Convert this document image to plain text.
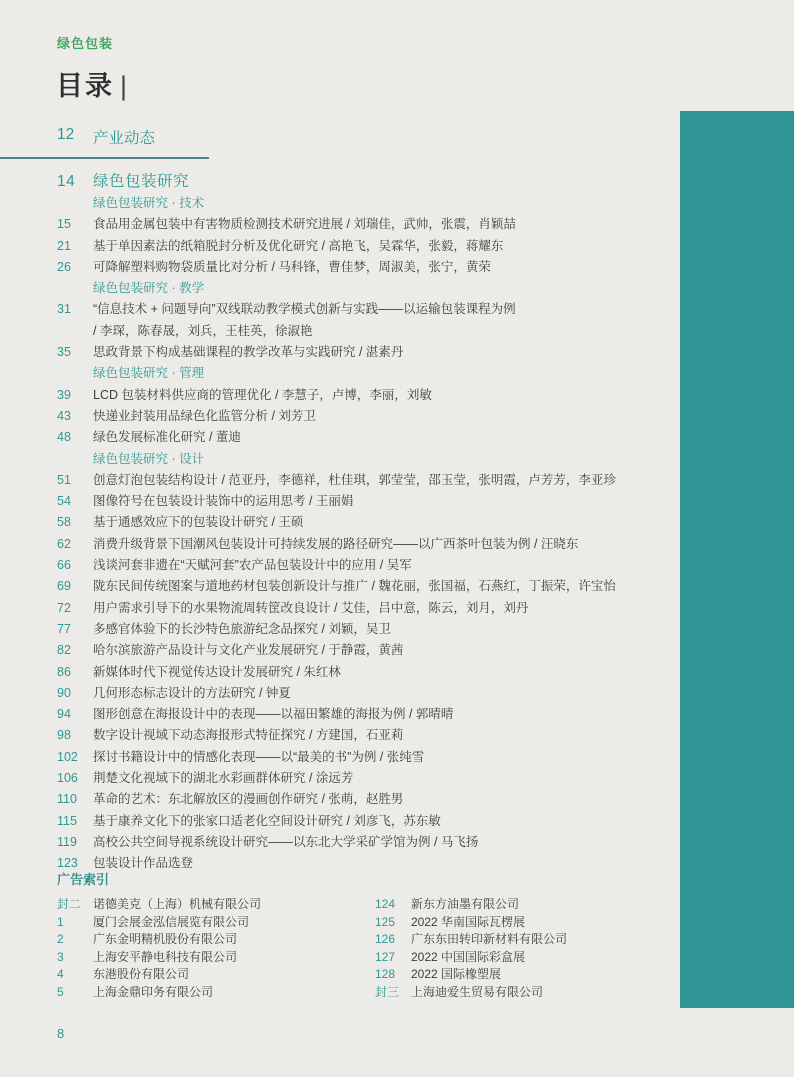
绿色包装
目录 |
12	产业动态
14	绿色包装研究
绿色包装研究 · 技术
15	食品用金属包装中有害物质检测技术研究进展 / 刘瑞佳，武帅，张震，肖颖喆
21	基于单因素法的纸箱脱封分析及优化研究 / 高艳飞，吴霖华，张毅，蒋耀东
26	可降解塑料购物袋质量比对分析 / 马科锋，曹佳梦，周淑美，张宁，黄荣
绿色包装研究 · 教学
31	“信息技术 + 问题导向”双线联动教学模式创新与实践——以运输包装课程为例
/ 李琛，陈春晟，刘兵，王桂英，徐淑艳
35	思政背景下构成基础课程的教学改革与实践研究 / 湛素丹
绿色包装研究 · 管理
39	LCD 包装材料供应商的管理优化 / 李慧子，卢博，李丽，刘敏
43	快递业封装用品绿色化监管分析 / 刘芳卫
48	绿色发展标准化研究 / 董迪
绿色包装研究 · 设计
51	创意灯泡包装结构设计 / 范亚丹，李德祥，杜佳琪，郭莹莹，邵玉莹，张明霞，卢芳芳，李亚珍
54	图像符号在包装设计装饰中的运用思考 / 王丽娟
58	基于通感效应下的包装设计研究 / 王硕
62	消费升级背景下国潮风包装设计可持续发展的路径研究——以广西茶叶包装为例 / 汪晓东
66	浅谈河套非遗在“天赋河套”农产品包装设计中的应用 / 吴军
69	陇东民间传统图案与道地药材包装创新设计与推广 / 魏花丽，张国福，石燕红，丁振荣，许宝怡
72	用户需求引导下的水果物流周转筐改良设计 / 艾佳，吕中意，陈云，刘月，刘丹
77	多感官体验下的长沙特色旅游纪念品探究 / 刘颖，吴卫
82	哈尔滨旅游产品设计与文化产业发展研究 / 于静霞，黄茜
86	新媒体时代下视觉传达设计发展研究 / 朱红林
90	几何形态标志设计的方法研究 / 钟夏
94	图形创意在海报设计中的表现——以福田繁雄的海报为例 / 郭晴晴
98	数字设计视域下动态海报形式特征探究 / 方建国，石亚莉
102	探讨书籍设计中的情感化表现——以“最美的书”为例 / 张纯雪
106	荆楚文化视域下的湖北水彩画群体研究 / 涂远芳
110	革命的艺术：东北解放区的漫画创作研究 / 张萌，赵胜男
115	基于康养文化下的张家口适老化空间设计研究 / 刘彦飞，苏东敏
119	高校公共空间导视系统设计研究——以东北大学采矿学馆为例 / 马飞扬
123	包装设计作品选登
广告索引
封二 诺德美克（上海）机械有限公司
1	厦门会展金泓信展览有限公司
2	广东金明精机股份有限公司
3	上海安平静电科技有限公司
4	东港股份有限公司
5	上海金鼎印务有限公司
124	新东方油墨有限公司
125	2022 华南国际瓦楞展
126	广东东田转印新材料有限公司
127	2022 中国国际彩盒展
128	2022 国际橡塑展
封三 上海迪爱生贸易有限公司
8
